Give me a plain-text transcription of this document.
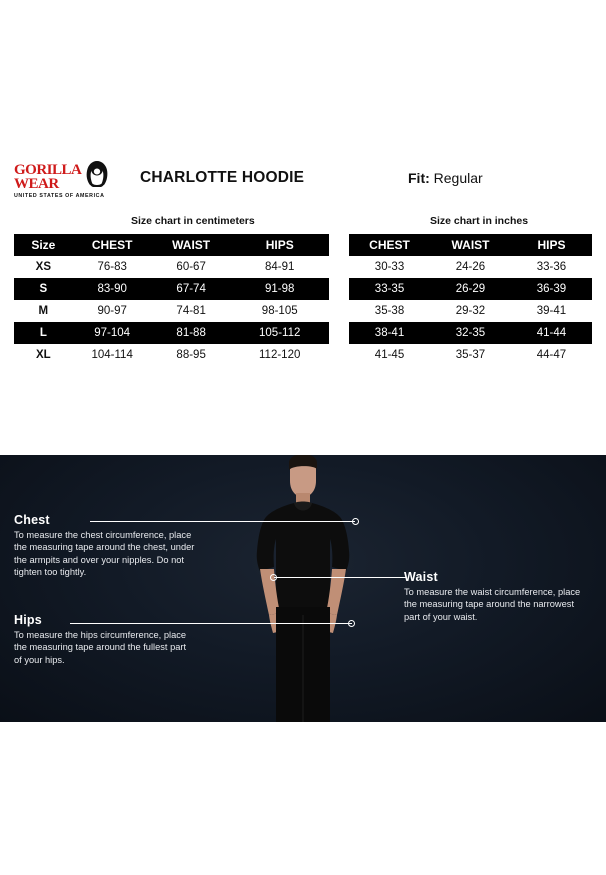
GORILLA
WEAR
UNITED STATES OF AMERICA
CHARLOTTE HOODIE	Fit: Regular
Size chart in centimeters	Size chart in inches
Size	CHEST	WAIST	HIPS		CHEST	WAIST	HIPS
XS	76-83	60-67	84-91		30-33	24-26	33-36
S	83-90	67-74	91-98		33-35	26-29	36-39
M	90-97	74-81	98-105		35-38	29-32	39-41
L	97-104	81-88	105-112		38-41	32-35	41-44
XL	104-114	88-95	112-120		41-45	35-37	44-47
Chest
To measure the chest circumference, place the measuring tape around the chest, under the armpits and over your nipples. Do not tighten too tightly.
Hips
To measure the hips circumference, place the measuring tape around the fullest part of your hips.
Waist
To measure the waist circumference, place the measuring tape around the narrowest part of your waist.
